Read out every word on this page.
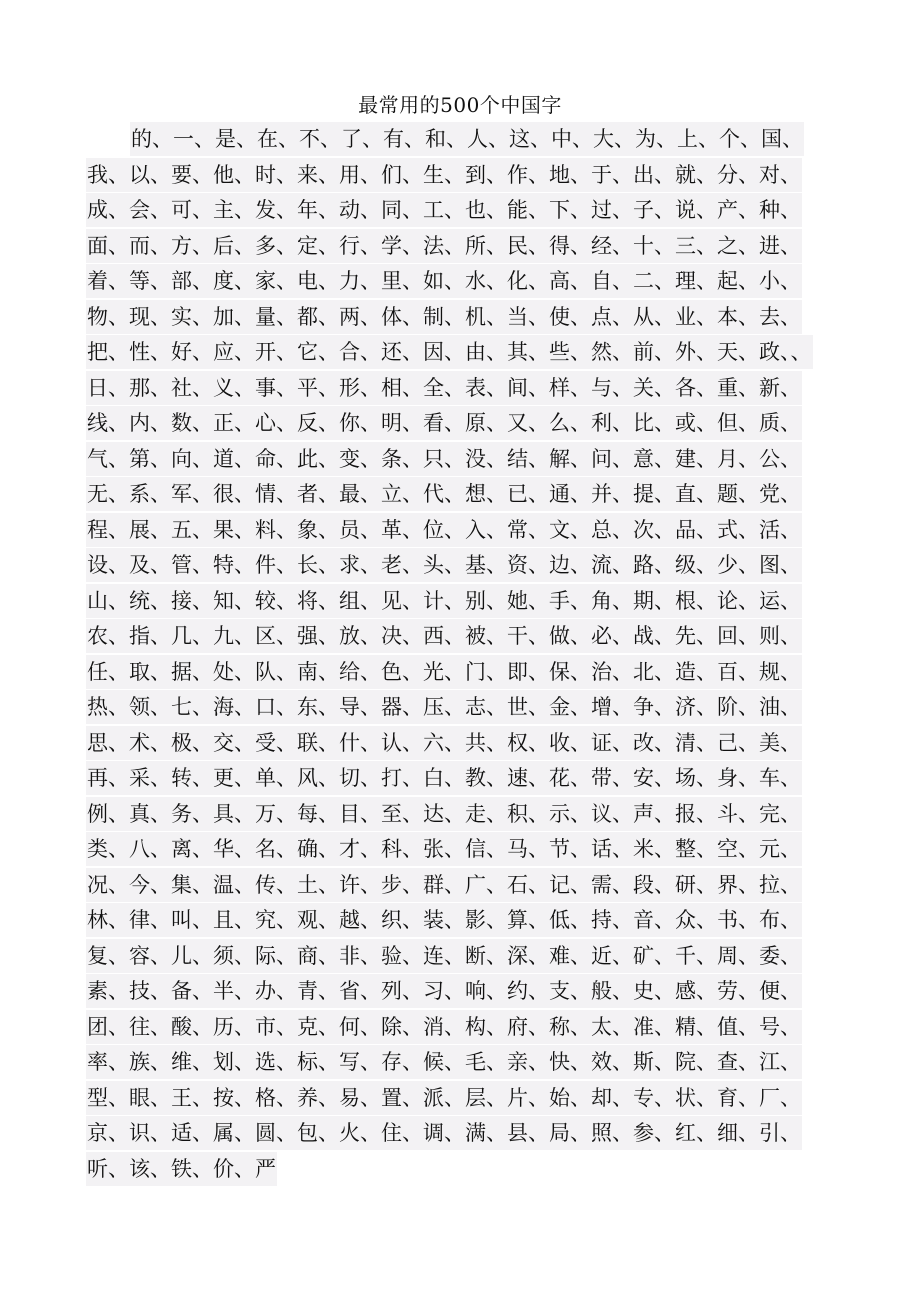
最常用的500个中国字
的、一、是、在、不、了、有、和、人、这、中、大、为、上、个、国、
我、以、要、他、时、来、用、们、生、到、作、地、于、出、就、分、对、
成、会、可、主、发、年、动、同、工、也、能、下、过、子、说、产、种、
面、而、方、后、多、定、行、学、法、所、民、得、经、十、三、之、进、
着、等、部、度、家、电、力、里、如、水、化、高、自、二、理、起、小、
物、现、实、加、量、都、两、体、制、机、当、使、点、从、业、本、去、
把、性、好、应、开、它、合、还、因、由、其、些、然、前、外、天、政、、
日、那、社、义、事、平、形、相、全、表、间、样、与、关、各、重、新、
线、内、数、正、心、反、你、明、看、原、又、么、利、比、或、但、质、
气、第、向、道、命、此、变、条、只、没、结、解、问、意、建、月、公、
无、系、军、很、情、者、最、立、代、想、已、通、并、提、直、题、党、
程、展、五、果、料、象、员、革、位、入、常、文、总、次、品、式、活、
设、及、管、特、件、长、求、老、头、基、资、边、流、路、级、少、图、
山、统、接、知、较、将、组、见、计、别、她、手、角、期、根、论、运、
农、指、几、九、区、强、放、决、西、被、干、做、必、战、先、回、则、
任、取、据、处、队、南、给、色、光、门、即、保、治、北、造、百、规、
热、领、七、海、口、东、导、器、压、志、世、金、增、争、济、阶、油、
思、术、极、交、受、联、什、认、六、共、权、收、证、改、清、己、美、
再、采、转、更、单、风、切、打、白、教、速、花、带、安、场、身、车、
例、真、务、具、万、每、目、至、达、走、积、示、议、声、报、斗、完、
类、八、离、华、名、确、才、科、张、信、马、节、话、米、整、空、元、
况、今、集、温、传、土、许、步、群、广、石、记、需、段、研、界、拉、
林、律、叫、且、究、观、越、织、装、影、算、低、持、音、众、书、布、
复、容、儿、须、际、商、非、验、连、断、深、难、近、矿、千、周、委、
素、技、备、半、办、青、省、列、习、响、约、支、般、史、感、劳、便、
团、往、酸、历、市、克、何、除、消、构、府、称、太、准、精、值、号、
率、族、维、划、选、标、写、存、候、毛、亲、快、效、斯、院、查、江、
型、眼、王、按、格、养、易、置、派、层、片、始、却、专、状、育、厂、
京、识、适、属、圆、包、火、住、调、满、县、局、照、参、红、细、引、
听、该、铁、价、严
